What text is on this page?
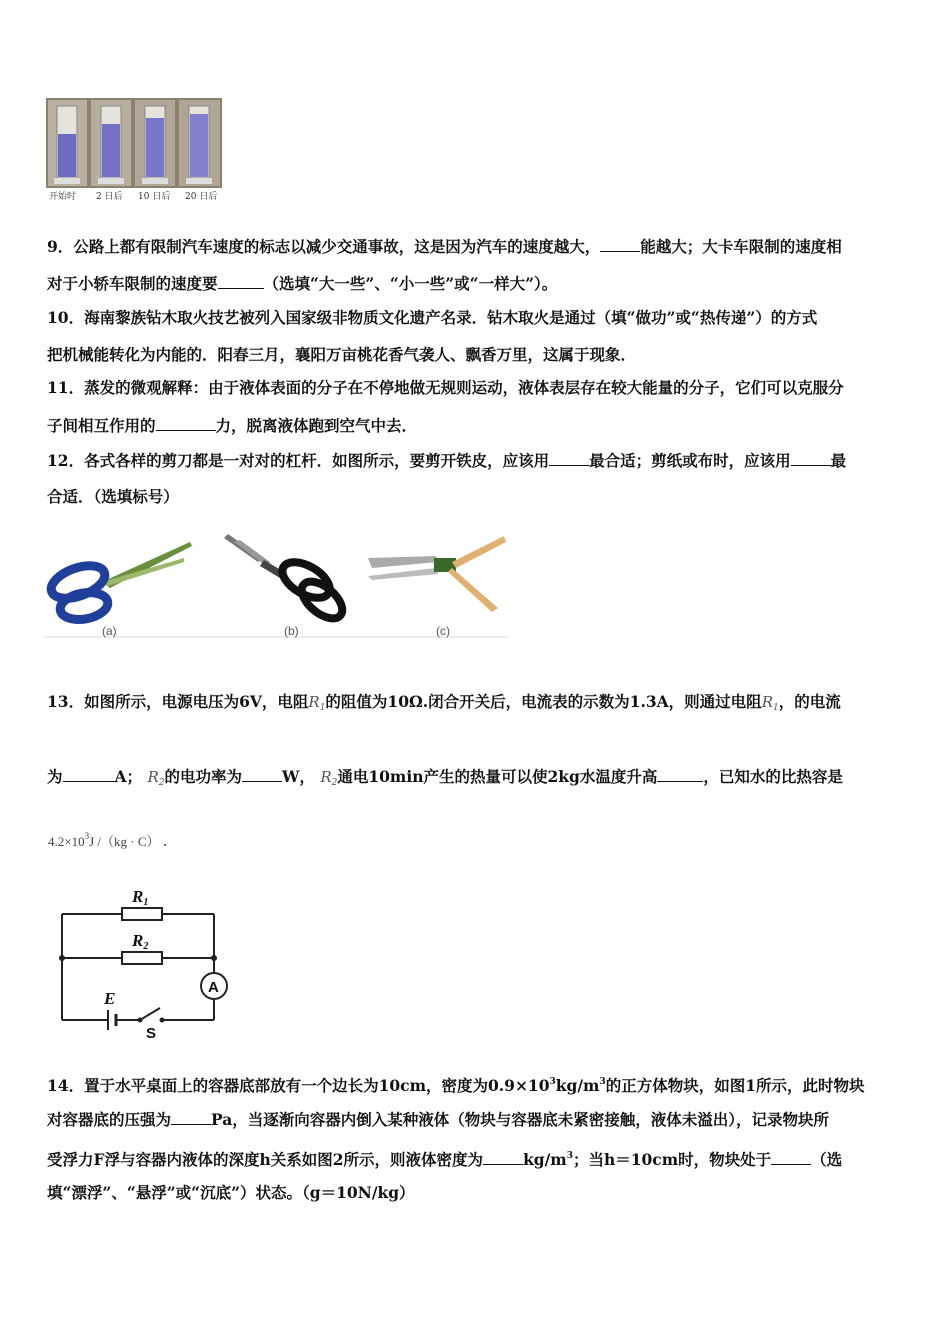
开始时 2 日后 10 日后 20 日后
9．公路上都有限制汽车速度的标志以减少交通事故，这是因为汽车的速度越大，	能越大；大卡车限制的速度相
对于小轿车限制的速度要	（选填“大一些”、“小一些”或“一样大”）。
10．海南黎族钻木取火技艺被列入国家级非物质文化遗产名录．钻木取火是通过（填“做功”或“热传递”）的方式
把机械能转化为内能的．阳春三月，襄阳万亩桃花香气袭人、飘香万里，这属于现象．
11．蒸发的微观解释：由于液体表面的分子在不停地做无规则运动，液体表层存在较大能量的分子，它们可以克服分
子间相互作用的	力，脱离液体跑到空气中去．
12．各式各样的剪刀都是一对对的杠杆．如图所示，要剪开铁皮，应该用	最合适；剪纸或布时，应该用	最
合适．（选填标号）
(a)	(b)	(c)
13．如图所示，电源电压为6V，电阻$R_1$的阻值为10Ω.闭合开关后，电流表的示数为1.3A，则通过电阻$R_1$，的电流
为	A； $R_2$的电功率为	W， $R_2$通电10min产生的热量可以使2kg水温度升高	，已知水的比热容是
$4.2\times 10^3J$ /（kg · C） .
R1
R2
A
E
S
14．置于水平桌面上的容器底部放有一个边长为10cm，密度为$0.9\times 10^3kg/m^3$的正方体物块，如图1所示，此时物块
对容器底的压强为	Pa，当逐渐向容器内倒入某种液体（物块与容器底未紧密接触，液体未溢出），记录物块所
受浮力F浮与容器内液体的深度h关系如图2所示，则液体密度为	$kg/m^3$；当h＝10cm时，物块处于	（选
填“漂浮”、“悬浮”或“沉底”）状态。（g＝10N/kg）
